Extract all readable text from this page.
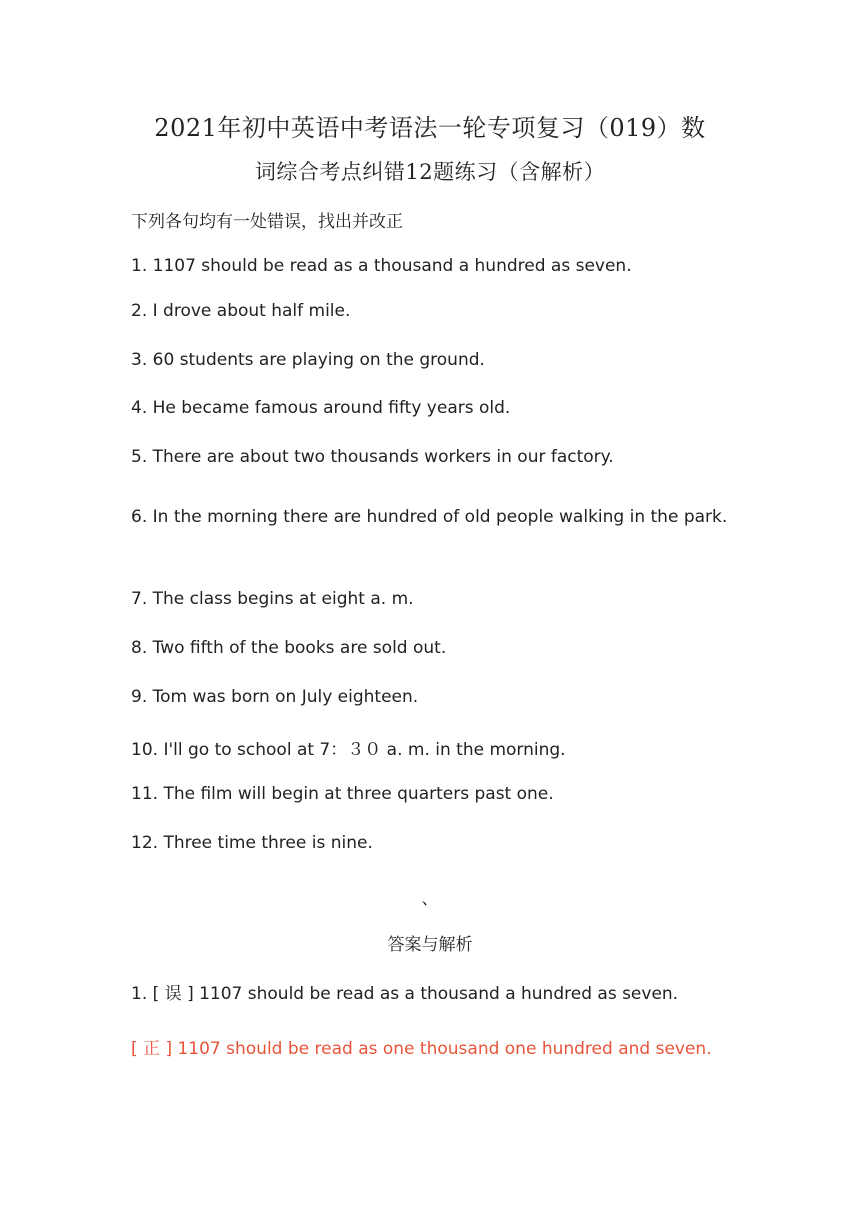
2021年初中英语中考语法一轮专项复习（019）数
词综合考点纠错12题练习（含解析）
下列各句均有一处错误，找出并改正
1. 1107 should be read as a thousand a hundred as seven.
2. I drove about half mile.
3. 60 students are playing on the ground.
4. He became famous around fifty years old.
5. There are about two thousands workers in our factory.
6. In the morning there are hundred of old people walking in the park.
7. The class begins at eight a. m.
8. Two fifth of the books are sold out.
9. Tom was born on July eighteen.
10. I'll go to school at 7：３０ a. m. in the morning.
11. The film will begin at three quarters past one.
12. Three time three is nine.
、
答案与解析
1. [ 误 ] 1107 should be read as a thousand a hundred as seven.
[ 正 ] 1107 should be read as one thousand one hundred and seven.
